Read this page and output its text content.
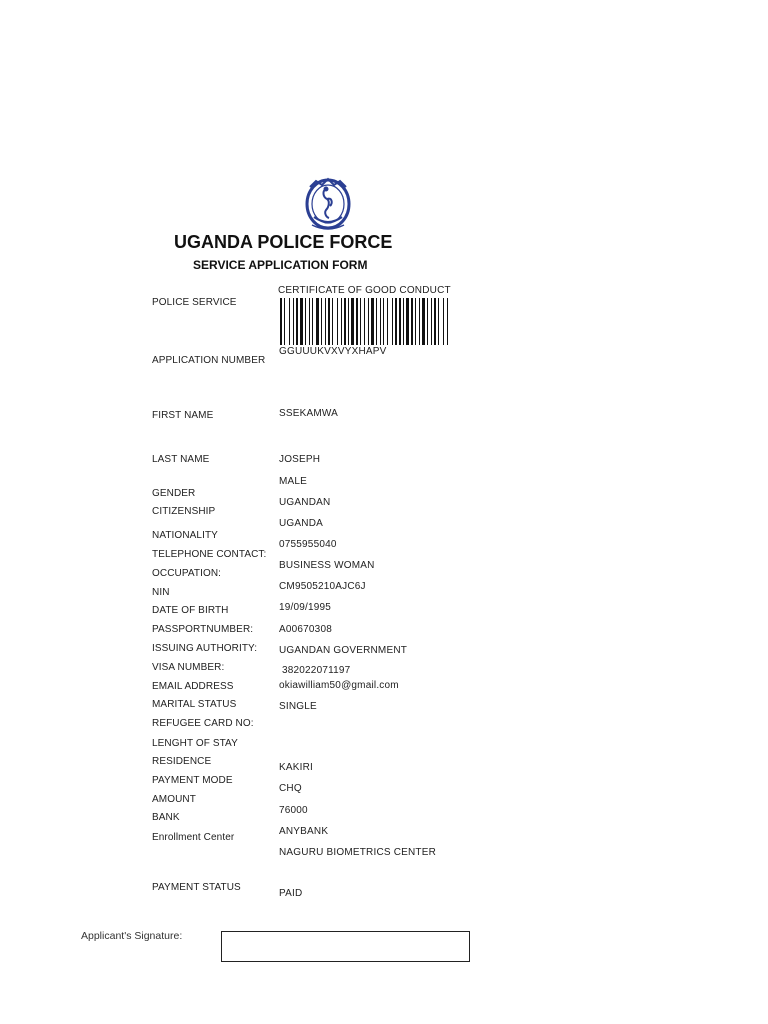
UGANDA POLICE FORCE
SERVICE APPLICATION FORM
POLICE SERVICE
CERTIFICATE OF GOOD CONDUCT
GGUUUKVXVYXHAPV
APPLICATION NUMBER
FIRST NAME
LAST NAME
GENDER
CITIZENSHIP
NATIONALITY
TELEPHONE CONTACT:
OCCUPATION:
NIN
DATE OF BIRTH
PASSPORTNUMBER:
ISSUING AUTHORITY:
VISA NUMBER:
EMAIL ADDRESS
MARITAL STATUS
REFUGEE CARD NO:
LENGHT OF STAY
RESIDENCE
PAYMENT MODE
AMOUNT
BANK
Enrollment Center
PAYMENT STATUS
SSEKAMWA
JOSEPH
MALE
UGANDAN
UGANDA
0755955040
BUSINESS WOMAN
CM9505210AJC6J
19/09/1995
A00670308
UGANDAN GOVERNMENT
382022071197
okiawilliam50@gmail.com
SINGLE
KAKIRI
CHQ
76000
ANYBANK
NAGURU BIOMETRICS CENTER
PAID
Applicant's Signature:
